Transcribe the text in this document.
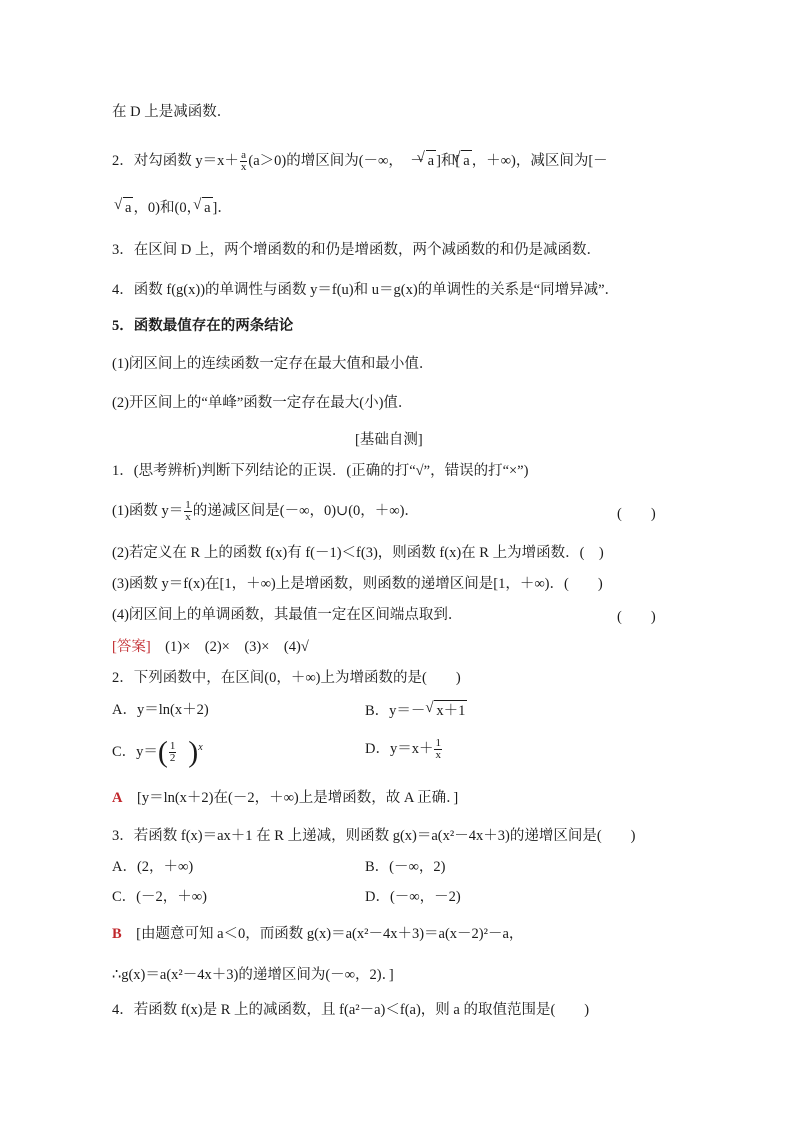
在 D 上是减函数．
2．对勾函数 $y=x+ \frac{a}{x} (a>0)$的增区间为(－∞，　－ √ a ]和[ √ a ，＋∞)，减区间为[－
√ a ，0)和(0， √ a ]．
3．在区间 D 上，两个增函数的和仍是增函数，两个减函数的和仍是减函数．
4．函数 f(g(x))的单调性与函数 y＝f(u)和 u＝g(x)的单调性的关系是“同增异减”．
5．函数最值存在的两条结论
(1)闭区间上的连续函数一定存在最大值和最小值．
(2)开区间上的“单峰”函数一定存在最大(小)值．
[基础自测]
1．(思考辨析)判断下列结论的正误．(正确的打“√”，错误的打“×”)
(1)函数 $y= \frac{1}{x}$ 的递减区间是(－∞，0)∪(0，＋∞)．	(　　)
(2)若定义在 R 上的函数 f(x)有 f(－1)＜f(3)，则函数 f(x)在 R 上为增函数．(　)
(3)函数 y＝f(x)在[1，＋∞)上是增函数，则函数的递增区间是[1，＋∞)．(　　)
(4)闭区间上的单调函数，其最值一定在区间端点取到．	(　　)
[答案]　 (1)×　(2)×　(3)×　(4)√
2．下列函数中，在区间(0，＋∞)上为增函数的是(　　)
A．y＝ln(x＋2)	B．y＝－ √ x＋1
C．$y=( \frac{1}{2} )^x$	D．$y=x+ \frac{1}{x}$
A　 [y＝ln(x＋2)在(－2，＋∞)上是增函数，故 A 正确．]
3．若函数 f(x)＝ax＋1 在 R 上递减，则函数 g(x)＝a(x²－4x＋3)的递增区间是(　　)
A．(2，＋∞)	B．(－∞，2)
C．(－2，＋∞)	D．(－∞，－2)
B　 [由题意可知 a＜0，而函数 g(x)＝a(x²－4x＋3)＝a(x－2)²－a，
∴g(x)＝a(x²－4x＋3)的递增区间为(－∞，2)．]
4．若函数 f(x)是 R 上的减函数，且 f(a²－a)＜f(a)，则 a 的取值范围是(　　)
